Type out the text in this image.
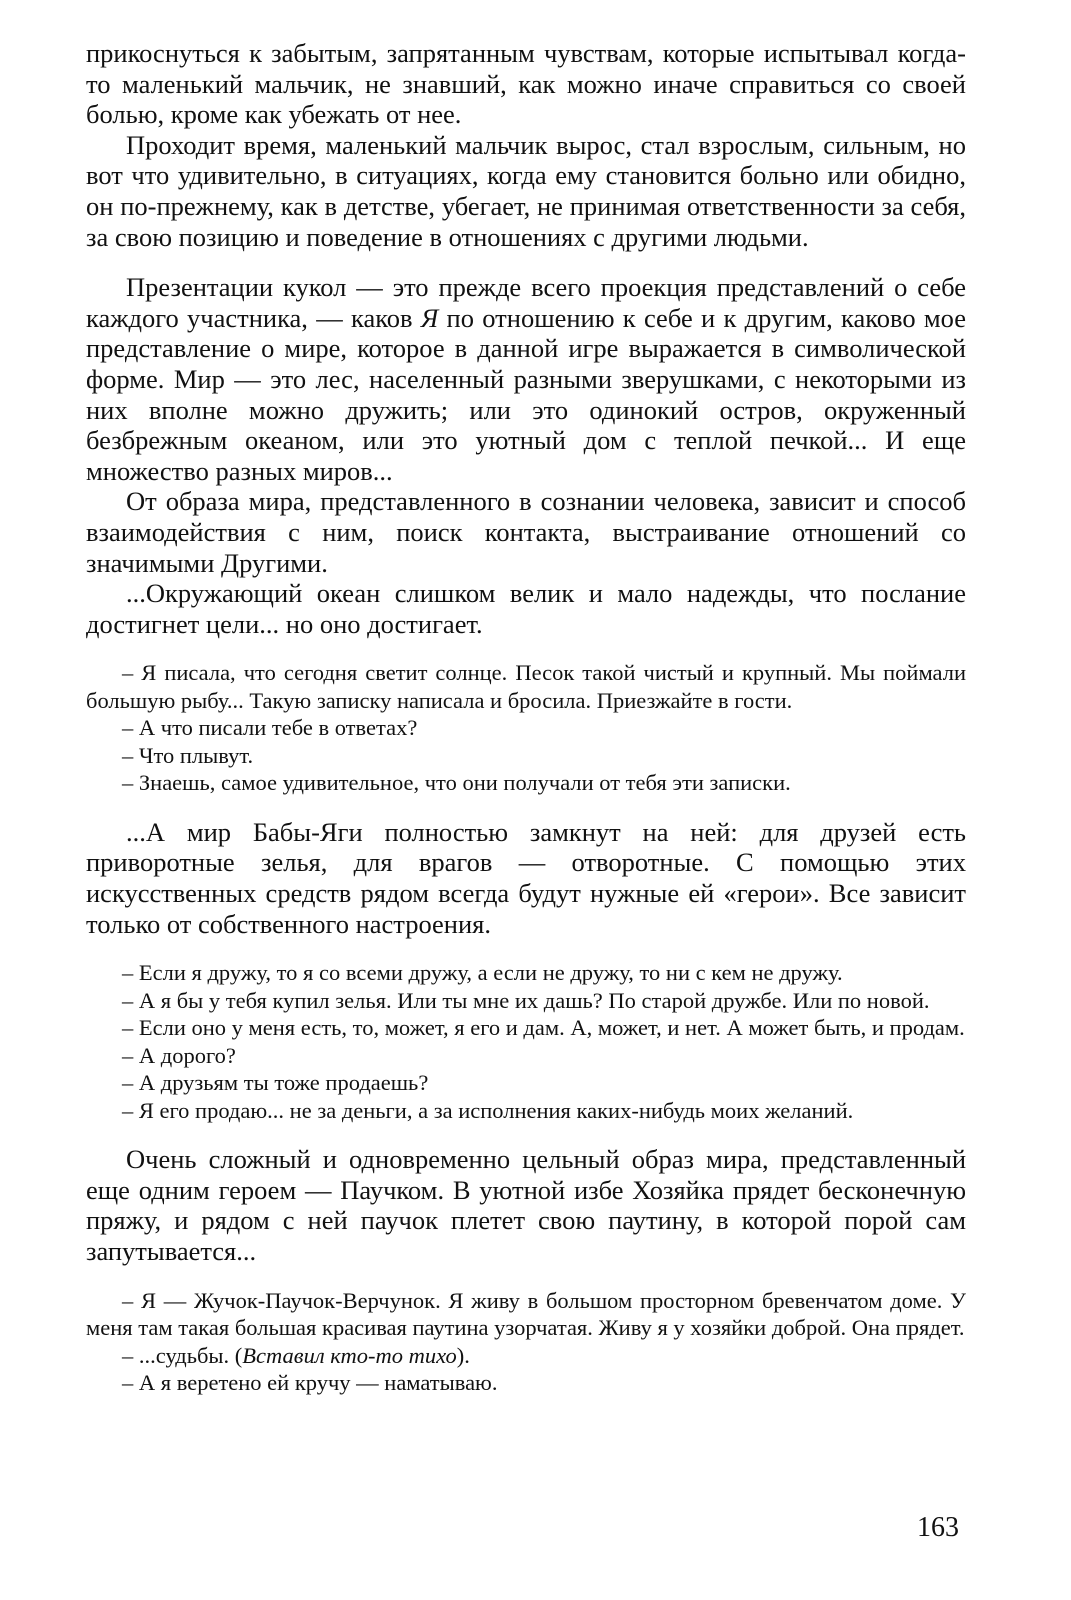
прикоснуться к забытым, запрятанным чувствам, которые испытывал когда-то маленький мальчик, не знавший, как можно иначе справиться со своей болью, кроме как убежать от нее.

Проходит время, маленький мальчик вырос, стал взрослым, сильным, но вот что удивительно, в ситуациях, когда ему становится больно или обидно, он по-прежнему, как в детстве, убегает, не принимая ответственности за себя, за свою позицию и поведение в отношениях с другими людьми.

Презентации кукол — это прежде всего проекция представлений о себе каждого участника, — каков Я по отношению к себе и к другим, каково мое представление о мире, которое в данной игре выражается в символической форме. Мир — это лес, населенный разными зверушками, с некоторыми из них вполне можно дружить; или это одинокий остров, окруженный безбрежным океаном, или это уютный дом с теплой печкой... И еще множество разных миров...

От образа мира, представленного в сознании человека, зависит и способ взаимодействия с ним, поиск контакта, выстраивание отношений со значимыми Другими.

...Окружающий океан слишком велик и мало надежды, что послание достигнет цели... но оно достигает.

– Я писала, что сегодня светит солнце. Песок такой чистый и крупный. Мы поймали большую рыбу... Такую записку написала и бросила. Приезжайте в гости.

– А что писали тебе в ответах?

– Что плывут.

– Знаешь, самое удивительное, что они получали от тебя эти записки.

...А мир Бабы-Яги полностью замкнут на ней: для друзей есть приворотные зелья, для врагов — отворотные. С помощью этих искусственных средств рядом всегда будут нужные ей «герои». Все зависит только от собственного настроения.

– Если я дружу, то я со всеми дружу, а если не дружу, то ни с кем не дружу.

– А я бы у тебя купил зелья. Или ты мне их дашь? По старой дружбе. Или по новой.

– Если оно у меня есть, то, может, я его и дам. А, может, и нет. А может быть, и продам.

– А дорого?

– А друзьям ты тоже продаешь?

– Я его продаю... не за деньги, а за исполнения каких-нибудь моих желаний.

Очень сложный и одновременно цельный образ мира, представленный еще одним героем — Паучком. В уютной избе Хозяйка прядет бесконечную пряжу, и рядом с ней паучок плетет свою паутину, в которой порой сам запутывается...

– Я — Жучок-Паучок-Верчунок. Я живу в большом просторном бревенчатом доме. У меня там такая большая красивая паутина узорчатая. Живу я у хозяйки доброй. Она прядет.

– ...судьбы. (Вставил кто-то тихо).

– А я веретено ей кручу — наматываю.

163
